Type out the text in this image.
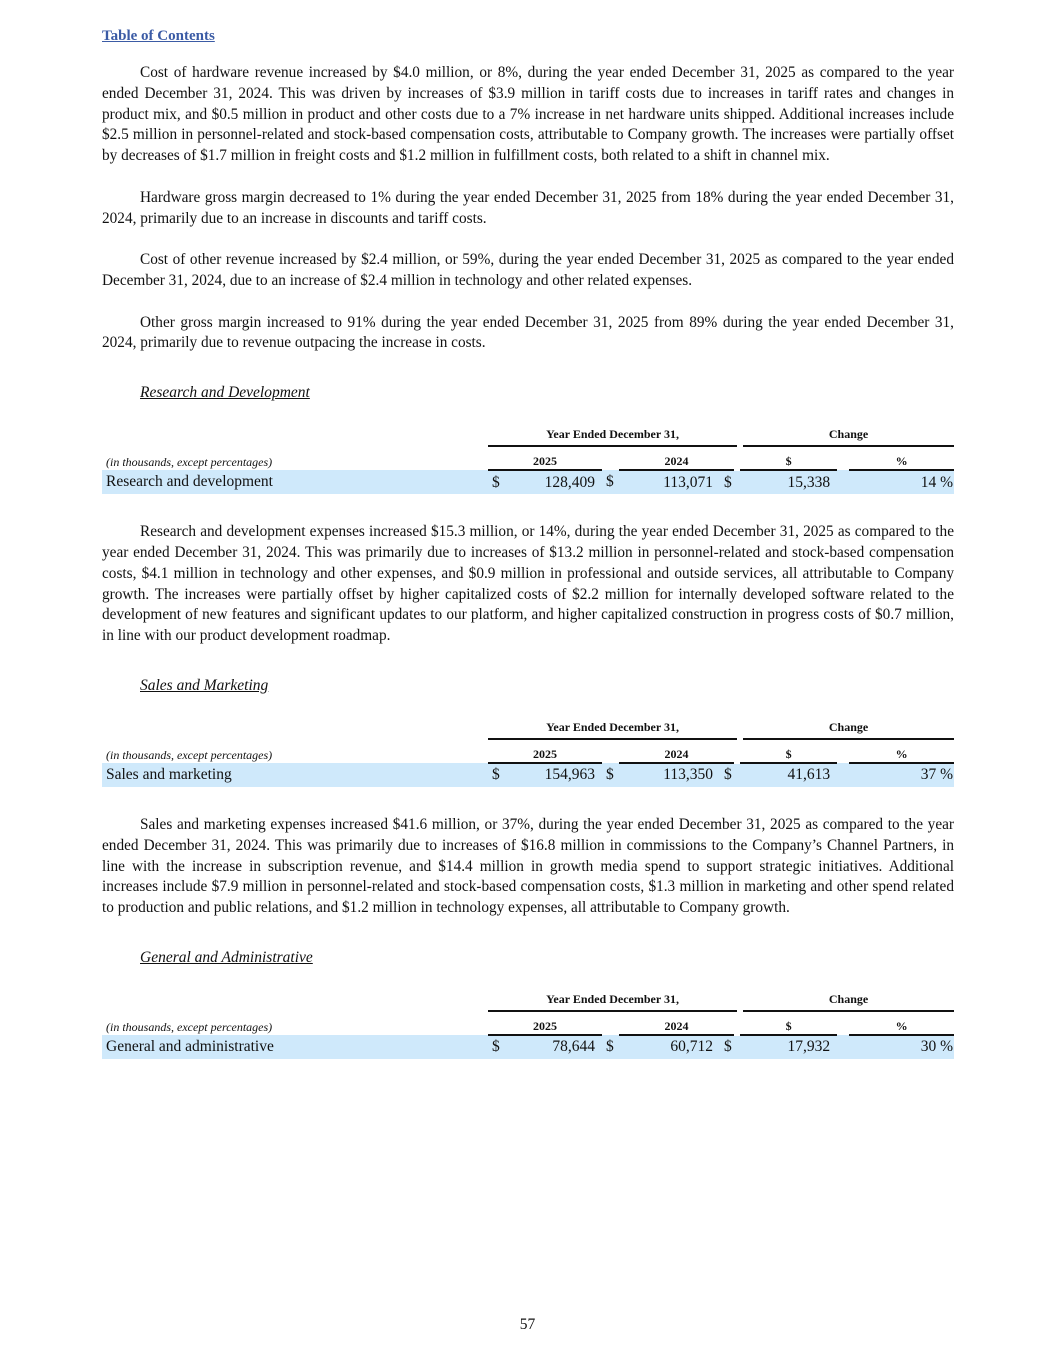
Table of Contents

Cost of hardware revenue increased by $4.0 million, or 8%, during the year ended December 31, 2025 as compared to the year ended December 31, 2024. This was driven by increases of $3.9 million in tariff costs due to increases in tariff rates and changes in product mix, and $0.5 million in product and other costs due to a 7% increase in net hardware units shipped. Additional increases include $2.5 million in personnel-related and stock-based compensation costs, attributable to Company growth. The increases were partially offset by decreases of $1.7 million in freight costs and $1.2 million in fulfillment costs, both related to a shift in channel mix.

Hardware gross margin decreased to 1% during the year ended December 31, 2025 from 18% during the year ended December 31, 2024, primarily due to an increase in discounts and tariff costs.

Cost of other revenue increased by $2.4 million, or 59%, during the year ended December 31, 2025 as compared to the year ended December 31, 2024, due to an increase of $2.4 million in technology and other related expenses.

Other gross margin increased to 91% during the year ended December 31, 2025 from 89% during the year ended December 31, 2024, primarily due to revenue outpacing the increase in costs.

Research and Development

	Year Ended December 31,					Change		

(in thousands, except percentages)	2025			2024		$		%
Research and development	$	128,409	$	113,071	$	15,338		14 %

Research and development expenses increased $15.3 million, or 14%, during the year ended December 31, 2025 as compared to the year ended December 31, 2024. This was primarily due to increases of $13.2 million in personnel-related and stock-based compensation costs, $4.1 million in technology and other expenses, and $0.9 million in professional and outside services, all attributable to Company growth. The increases were partially offset by higher capitalized costs of $2.2 million for internally developed software related to the development of new features and significant updates to our platform, and higher capitalized construction in progress costs of $0.7 million, in line with our product development roadmap.

Sales and Marketing

	Year Ended December 31,					Change		

(in thousands, except percentages)	2025			2024		$		%
Sales and marketing	$	154,963	$	113,350	$	41,613		37 %

Sales and marketing expenses increased $41.6 million, or 37%, during the year ended December 31, 2025 as compared to the year ended December 31, 2024. This was primarily due to increases of $16.8 million in commissions to the Company’s Channel Partners, in line with the increase in subscription revenue, and $14.4 million in growth media spend to support strategic initiatives. Additional increases include $7.9 million in personnel-related and stock-based compensation costs, $1.3 million in marketing and other spend related to production and public relations, and $1.2 million in technology expenses, all attributable to Company growth.

General and Administrative

	Year Ended December 31,					Change		

(in thousands, except percentages)	2025			2024		$		%
General and administrative	$	78,644	$	60,712	$	17,932		30 %
57
